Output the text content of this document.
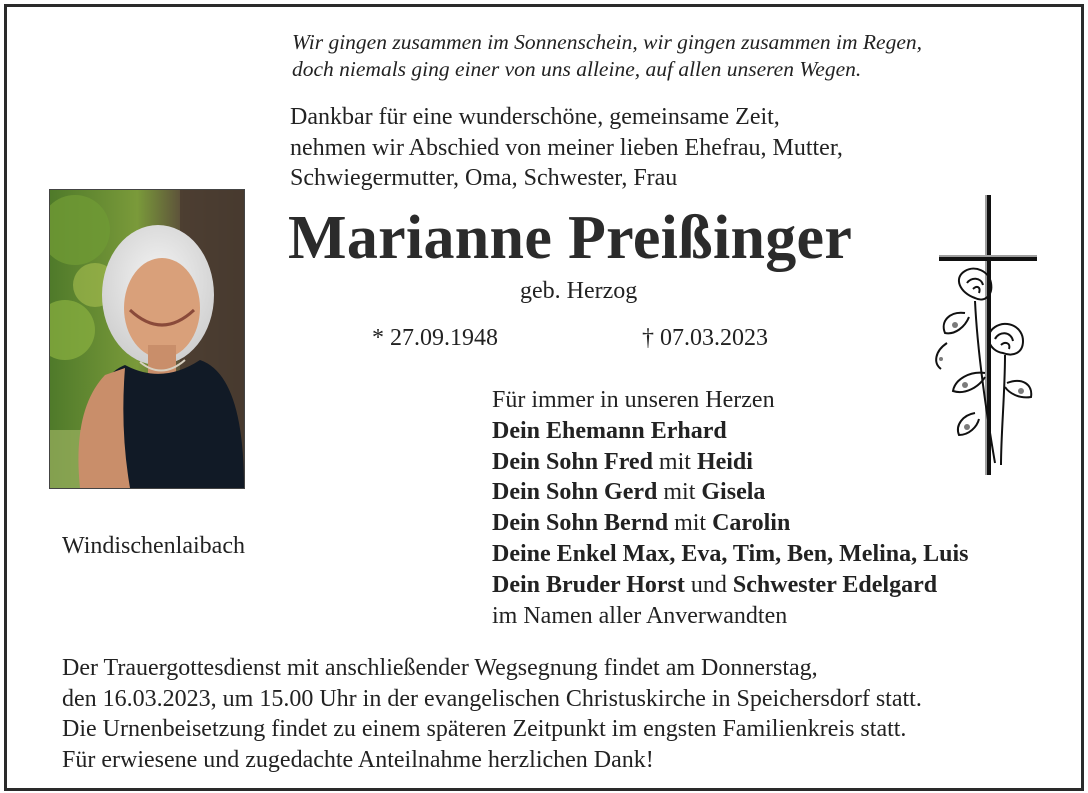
Wir gingen zusammen im Sonnenschein, wir gingen zusammen im Regen,
doch niemals ging einer von uns alleine, auf allen unseren Wegen.
Dankbar für eine wunderschöne, gemeinsame Zeit,
nehmen wir Abschied von meiner lieben Ehefrau, Mutter,
Schwiegermutter, Oma, Schwester, Frau
Marianne Preißinger
geb. Herzog
* 27.09.1948	† 07.03.2023
Windischenlaibach
Für immer in unseren Herzen
Dein Ehemann Erhard
Dein Sohn Fred mit Heidi
Dein Sohn Gerd mit Gisela
Dein Sohn Bernd mit Carolin
Deine Enkel Max, Eva, Tim, Ben, Melina, Luis
Dein Bruder Horst und Schwester Edelgard
im Namen aller Anverwandten
Der Trauergottesdienst mit anschließender Wegsegnung findet am Donnerstag,
den 16.03.2023, um 15.00 Uhr in der evangelischen Christuskirche in Speichersdorf statt.
Die Urnenbeisetzung findet zu einem späteren Zeitpunkt im engsten Familienkreis statt.
Für erwiesene und zugedachte Anteilnahme herzlichen Dank!
